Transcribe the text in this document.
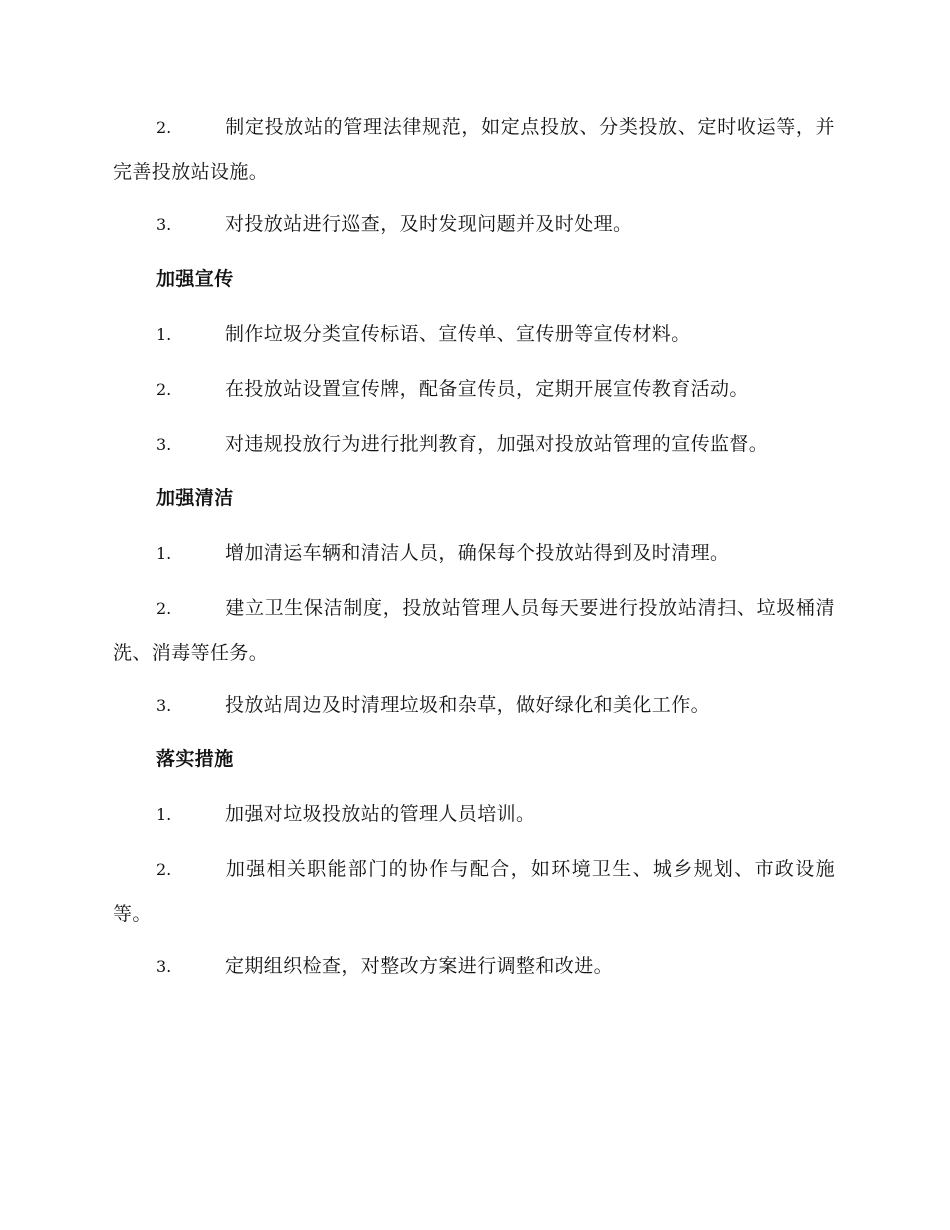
2.	制定投放站的管理法律规范，如定点投放、分类投放、定时收运等，并完善投放站设施。

3.	对投放站进行巡查，及时发现问题并及时处理。

加强宣传

1.	制作垃圾分类宣传标语、宣传单、宣传册等宣传材料。

2.	在投放站设置宣传牌，配备宣传员，定期开展宣传教育活动。

3.	对违规投放行为进行批判教育，加强对投放站管理的宣传监督。

加强清洁

1.	增加清运车辆和清洁人员，确保每个投放站得到及时清理。

2.	建立卫生保洁制度，投放站管理人员每天要进行投放站清扫、垃圾桶清洗、消毒等任务。

3.	投放站周边及时清理垃圾和杂草，做好绿化和美化工作。

落实措施

1.	加强对垃圾投放站的管理人员培训。

2.	加强相关职能部门的协作与配合，如环境卫生、城乡规划、市政设施等。

3.	定期组织检查，对整改方案进行调整和改进。
